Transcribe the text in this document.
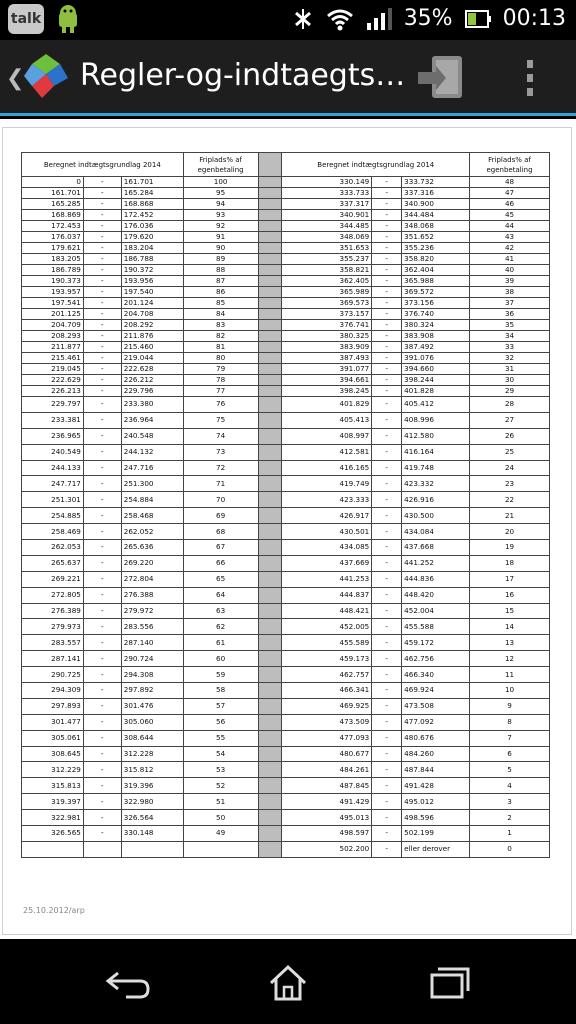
talk	35% 00:13
❮ Regler-og-indtaegts…
Beregnet indtægtsgrundlag 2014			Friplads% af egenbetaling		Beregnet indtægtsgrundlag 2014			Friplads% af egenbetaling
0	-	161.701	100		330.149	-	333.732	48
161.701	-	165.284	95		333.733	-	337.316	47
165.285	-	168.868	94		337.317	-	340.900	46
168.869	-	172.452	93		340.901	-	344.484	45
172.453	-	176.036	92		344.485	-	348.068	44
176.037	-	179.620	91		348.069	-	351.652	43
179.621	-	183.204	90		351.653	-	355.236	42
183.205	-	186.788	89		355.237	-	358.820	41
186.789	-	190.372	88		358.821	-	362.404	40
190.373	-	193.956	87		362.405	-	365.988	39
193.957	-	197.540	86		365.989	-	369.572	38
197.541	-	201.124	85		369.573	-	373.156	37
201.125	-	204.708	84		373.157	-	376.740	36
204.709	-	208.292	83		376.741	-	380.324	35
208.293	-	211.876	82		380.325	-	383.908	34
211.877	-	215.460	81		383.909	-	387.492	33
215.461	-	219.044	80		387.493	-	391.076	32
219.045	-	222.628	79		391.077	-	394.660	31
222.629	-	226.212	78		394.661	-	398.244	30
226.213	-	229.796	77		398.245	-	401.828	29
229.797	-	233.380	76		401.829	-	405.412	28
233.381	-	236.964	75		405.413	-	408.996	27
236.965	-	240.548	74		408.997	-	412.580	26
240.549	-	244.132	73		412.581	-	416.164	25
244.133	-	247.716	72		416.165	-	419.748	24
247.717	-	251.300	71		419.749	-	423.332	23
251.301	-	254.884	70		423.333	-	426.916	22
254.885	-	258.468	69		426.917	-	430.500	21
258.469	-	262.052	68		430.501	-	434.084	20
262.053	-	265.636	67		434.085	-	437.668	19
265.637	-	269.220	66		437.669	-	441.252	18
269.221	-	272.804	65		441.253	-	444.836	17
272.805	-	276.388	64		444.837	-	448.420	16
276.389	-	279.972	63		448.421	-	452.004	15
279.973	-	283.556	62		452.005	-	455.588	14
283.557	-	287.140	61		455.589	-	459.172	13
287.141	-	290.724	60		459.173	-	462.756	12
290.725	-	294.308	59		462.757	-	466.340	11
294.309	-	297.892	58		466.341	-	469.924	10
297.893	-	301.476	57		469.925	-	473.508	9
301.477	-	305.060	56		473.509	-	477.092	8
305.061	-	308.644	55		477.093	-	480.676	7
308.645	-	312.228	54		480.677	-	484.260	6
312.229	-	315.812	53		484.261	-	487.844	5
315.813	-	319.396	52		487.845	-	491.428	4
319.397	-	322.980	51		491.429	-	495.012	3
322.981	-	326.564	50		495.013	-	498.596	2
326.565	-	330.148	49		498.597	-	502.199	1
					502.200	-	eller derover	0
25.10.2012/arp
